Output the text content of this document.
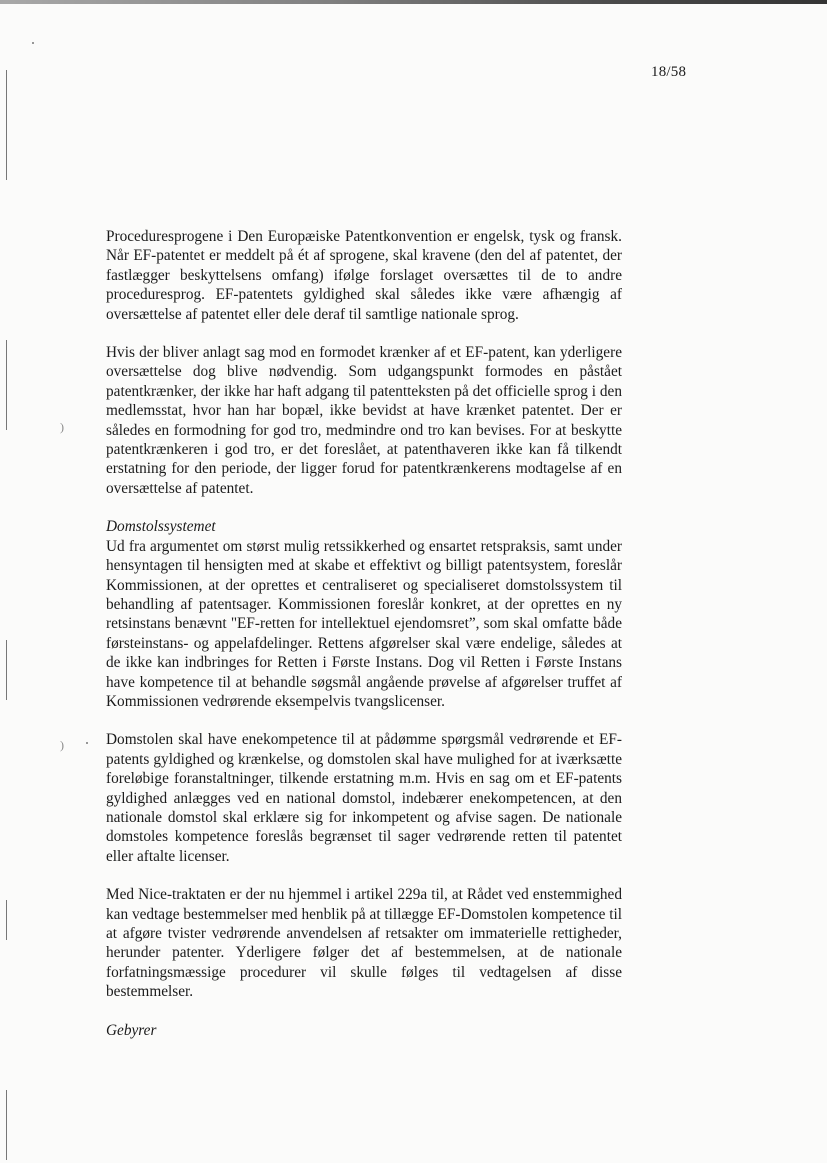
)
)
18/58

Proceduresprogene i Den Europæiske Patentkonvention er engelsk, tysk og fransk. Når EF-patentet er meddelt på ét af sprogene, skal kravene (den del af patentet, der fastlægger beskyttelsens omfang) ifølge forslaget oversættes til de to andre proceduresprog. EF-patentets gyldighed skal således ikke være afhængig af oversættelse af patentet eller dele deraf til samtlige nationale sprog.

Hvis der bliver anlagt sag mod en formodet krænker af et EF-patent, kan yderligere oversættelse dog blive nødvendig. Som udgangspunkt formodes en påstået patentkrænker, der ikke har haft adgang til patentteksten på det officielle sprog i den medlemsstat, hvor han har bopæl, ikke bevidst at have krænket patentet. Der er således en formodning for god tro, medmindre ond tro kan bevises. For at beskytte patentkrænkeren i god tro, er det foreslået, at patenthaveren ikke kan få tilkendt erstatning for den periode, der ligger forud for patentkrænkerens modtagelse af en oversættelse af patentet.

Domstolssystemet

Ud fra argumentet om størst mulig retssikkerhed og ensartet retspraksis, samt under hensyntagen til hensigten med at skabe et effektivt og billigt patentsystem, foreslår Kommissionen, at der oprettes et centraliseret og specialiseret domstolssystem til behandling af patentsager. Kommissionen foreslår konkret, at der oprettes en ny retsinstans benævnt "EF-retten for intellektuel ejendomsret”, som skal omfatte både førsteinstans- og appelafdelinger. Rettens afgørelser skal være endelige, således at de ikke kan indbringes for Retten i Første Instans. Dog vil Retten i Første Instans have kompetence til at behandle søgsmål angående prøvelse af afgørelser truffet af Kommissionen vedrørende eksempelvis tvangslicenser.

Domstolen skal have enekompetence til at pådømme spørgsmål vedrørende et EF-patents gyldighed og krænkelse, og domstolen skal have mulighed for at iværksætte foreløbige foranstaltninger, tilkende erstatning m.m. Hvis en sag om et EF-patents gyldighed anlægges ved en national domstol, indebærer enekompetencen, at den nationale domstol skal erklære sig for inkompetent og afvise sagen. De nationale domstoles kompetence foreslås begrænset til sager vedrørende retten til patentet eller aftalte licenser.

Med Nice-traktaten er der nu hjemmel i artikel 229a til, at Rådet ved enstemmighed kan vedtage bestemmelser med henblik på at tillægge EF-Domstolen kompetence til at afgøre tvister vedrørende anvendelsen af retsakter om immaterielle rettigheder, herunder patenter. Yderligere følger det af bestemmelsen, at de nationale forfatningsmæssige procedurer vil skulle følges til vedtagelsen af disse bestemmelser.

Gebyrer
